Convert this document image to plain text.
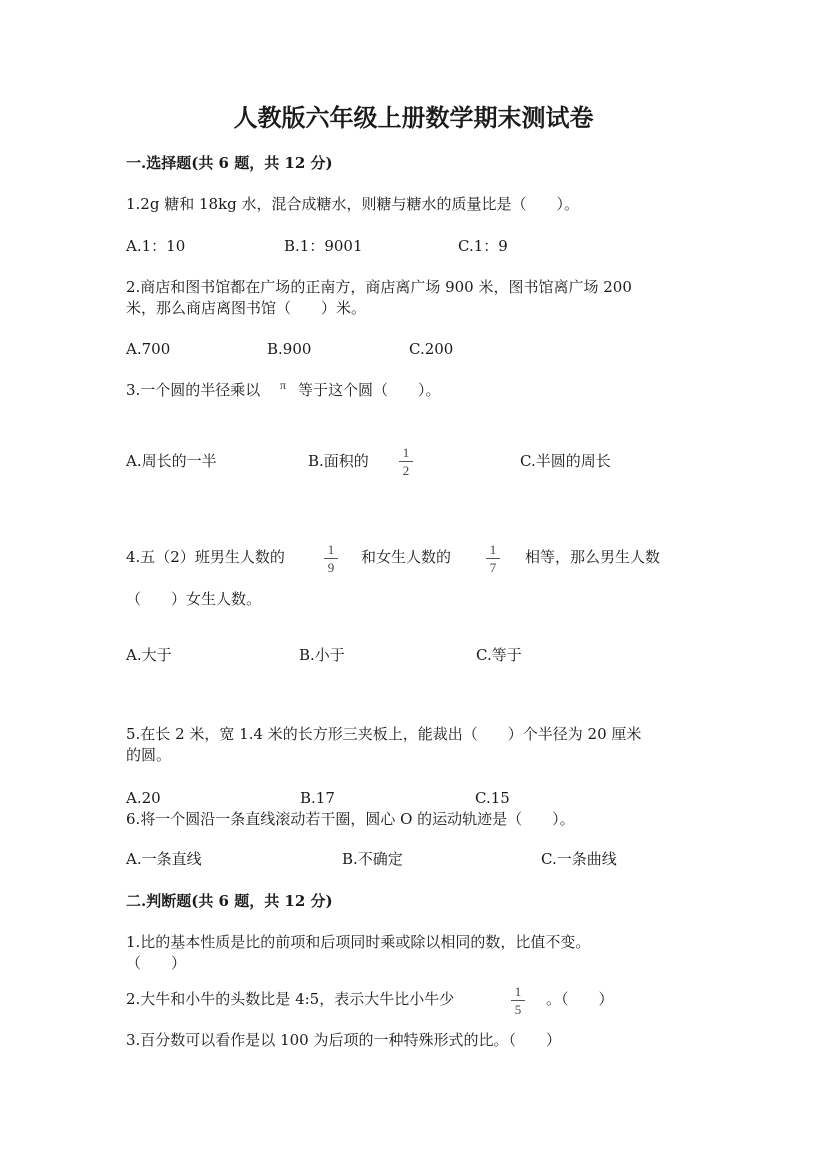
人教版六年级上册数学期末测试卷
一.选择题(共 6 题，共 12 分)
1.2g 糖和 18kg 水，混合成糖水，则糖与糖水的质量比是（　　）。
A.1：10	B.1：9001	C.1：9
2.商店和图书馆都在广场的正南方，商店离广场 900 米，图书馆离广场 200
米，那么商店离图书馆（　　）米。
A.700	B.900	C.200
3.一个圆的半径乘以 π 等于这个圆（　　）。
A.周长的一半	B.面积的	1
2
C.半圆的周长
4.五（2）班男生人数的	1
9
和女生人数的	1
7
相等，那么男生人数
（　　）女生人数。
A.大于	B.小于	C.等于
5.在长 2 米，宽 1.4 米的长方形三夹板上，能裁出（　　）个半径为 20 厘米
的圆。
A.20	B.17	C.15
6.将一个圆沿一条直线滚动若干圈，圆心 O 的运动轨迹是（　　）。
A.一条直线	B.不确定	C.一条曲线
二.判断题(共 6 题，共 12 分)
1.比的基本性质是比的前项和后项同时乘或除以相同的数，比值不变。
（　　）
2.大牛和小牛的头数比是 4:5，表示大牛比小牛少	1
5
。（　　）
3.百分数可以看作是以 100 为后项的一种特殊形式的比。（　　）
